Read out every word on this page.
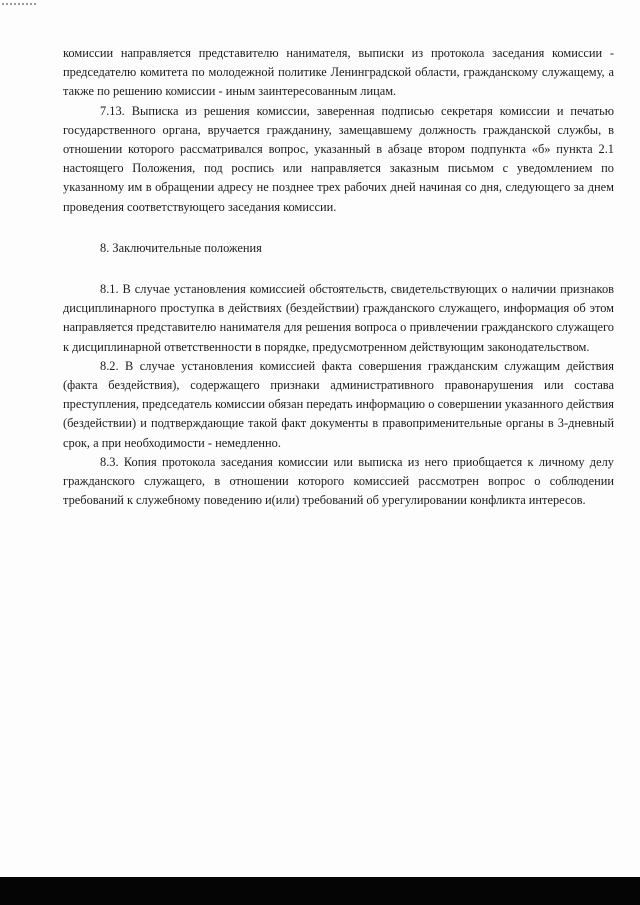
комиссии направляется представителю нанимателя, выписки из протокола заседания комиссии - председателю комитета по молодежной политике Ленинградской области, гражданскому служащему, а также по решению комиссии - иным заинтересованным лицам.

7.13. Выписка из решения комиссии, заверенная подписью секретаря комиссии и печатью государственного органа, вручается гражданину, замещавшему должность гражданской службы, в отношении которого рассматривался вопрос, указанный в абзаце втором подпункта «б» пункта 2.1 настоящего Положения, под роспись или направляется заказным письмом с уведомлением по указанному им в обращении адресу не позднее трех рабочих дней начиная со дня, следующего за днем проведения соответствующего заседания комиссии.

8. Заключительные положения

8.1. В случае установления комиссией обстоятельств, свидетельствующих о наличии признаков дисциплинарного проступка в действиях (бездействии) гражданского служащего, информация об этом направляется представителю нанимателя для решения вопроса о привлечении гражданского служащего к дисциплинарной ответственности в порядке, предусмотренном действующим законодательством.

8.2. В случае установления комиссией факта совершения гражданским служащим действия (факта бездействия), содержащего признаки административного правонарушения или состава преступления, председатель комиссии обязан передать информацию о совершении указанного действия (бездействии) и подтверждающие такой факт документы в правоприменительные органы в 3-дневный срок, а при необходимости - немедленно.

8.3. Копия протокола заседания комиссии или выписка из него приобщается к личному делу гражданского служащего, в отношении которого комиссией рассмотрен вопрос о соблюдении требований к служебному поведению и(или) требований об урегулировании конфликта интересов.
